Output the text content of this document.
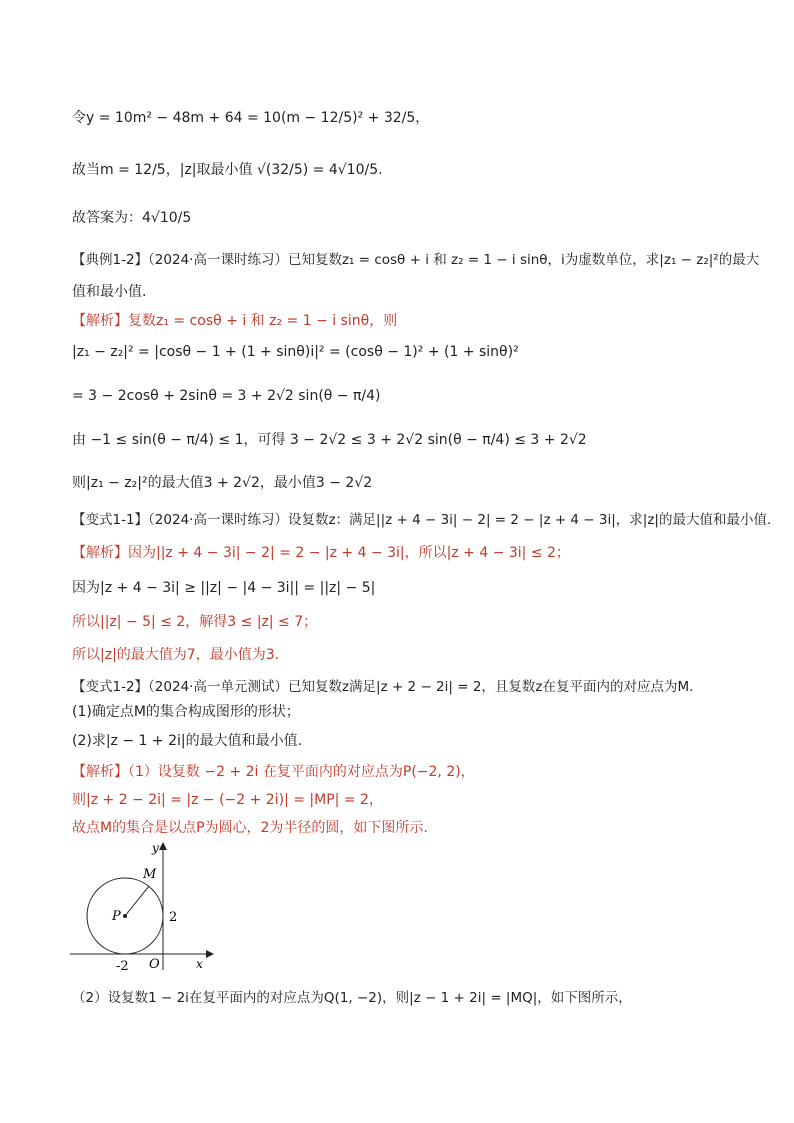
令y = 10m² − 48m + 64 = 10(m − 12/5)² + 32/5，
故当m = 12/5，|z|取最小值 √(32/5) = 4√10/5.
故答案为：4√10/5
【典例1-2】（2024·高一课时练习）已知复数z₁ = cosθ + i 和 z₂ = 1 − i sinθ，i为虚数单位，求|z₁ − z₂|²的最大
值和最小值.
【解析】复数z₁ = cosθ + i 和 z₂ = 1 − i sinθ，则
|z₁ − z₂|² = |cosθ − 1 + (1 + sinθ)i|² = (cosθ − 1)² + (1 + sinθ)²
= 3 − 2cosθ + 2sinθ = 3 + 2√2 sin(θ − π/4)
由 −1 ≤ sin(θ − π/4) ≤ 1，可得 3 − 2√2 ≤ 3 + 2√2 sin(θ − π/4) ≤ 3 + 2√2
则|z₁ − z₂|²的最大值3 + 2√2，最小值3 − 2√2
【变式1-1】（2024·高一课时练习）设复数z：满足||z + 4 − 3i| − 2| = 2 − |z + 4 − 3i|，求|z|的最大值和最小值.
【解析】因为||z + 4 − 3i| − 2| = 2 − |z + 4 − 3i|，所以|z + 4 − 3i| ≤ 2；
因为|z + 4 − 3i| ≥ ||z| − |4 − 3i|| = ||z| − 5|
所以||z| − 5| ≤ 2，解得3 ≤ |z| ≤ 7；
所以|z|的最大值为7，最小值为3.
【变式1-2】（2024·高一单元测试）已知复数z满足|z + 2 − 2i| = 2，且复数z在复平面内的对应点为M.
(1)确定点M的集合构成图形的形状；
(2)求|z − 1 + 2i|的最大值和最小值.
【解析】（1）设复数 −2 + 2i 在复平面内的对应点为P(−2, 2)，
则|z + 2 − 2i| = |z − (−2 + 2i)| = |MP| = 2，
故点M的集合是以点P为圆心，2为半径的圆，如下图所示.
P
M
2
-2 O	x
y
（2）设复数1 − 2i在复平面内的对应点为Q(1, −2)，则|z − 1 + 2i| = |MQ|，如下图所示，
